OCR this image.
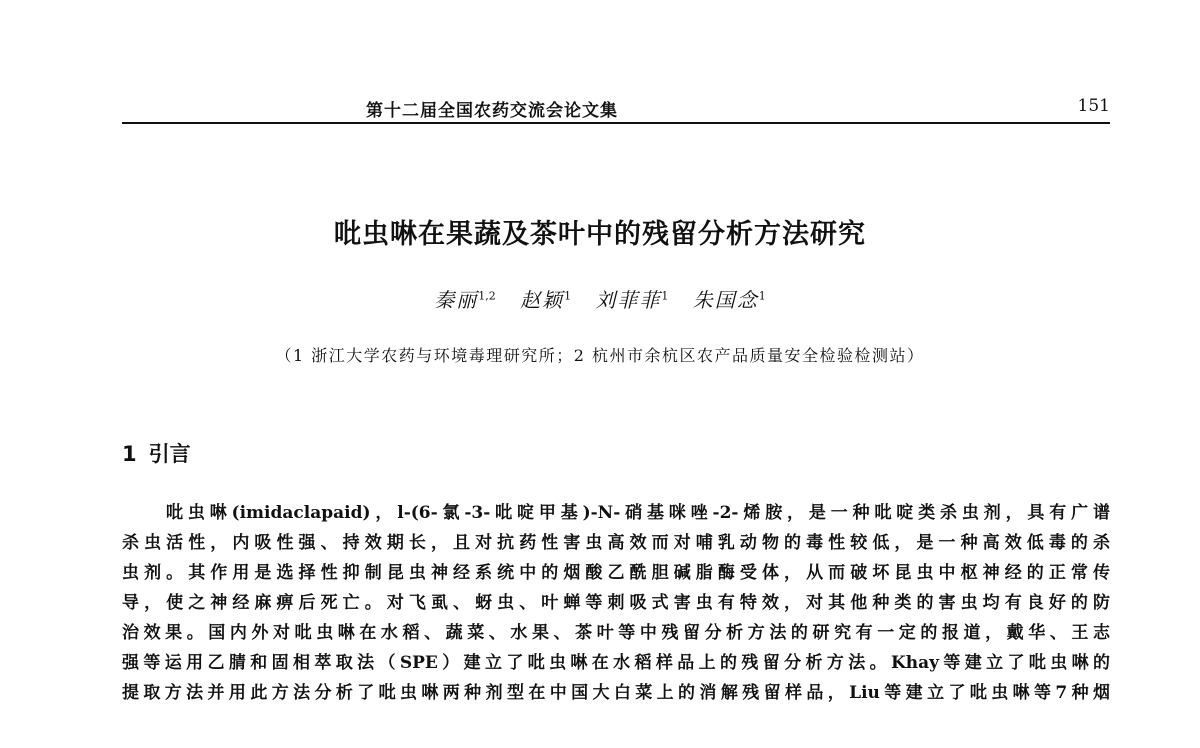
第十二届全国农药交流会论文集	151
吡虫啉在果蔬及茶叶中的残留分析方法研究
秦丽$^{1,2}$ 赵颖$^1$ 刘菲菲$^1$ 朱国念$^1$
（1 浙江大学农药与环境毒理研究所；2 杭州市余杭区农产品质量安全检验检测站）
1 引言
吡虫啉(imidaclapaid)，l-(6-氯-3-吡啶甲基)-N-硝基咪唑-2-烯胺，是一种吡啶类杀虫剂，具有广谱
杀虫活性，内吸性强、持效期长，且对抗药性害虫高效而对哺乳动物的毒性较低，是一种高效低毒的杀
虫剂。其作用是选择性抑制昆虫神经系统中的烟酸乙酰胆碱脂酶受体，从而破坏昆虫中枢神经的正常传
导，使之神经麻痹后死亡。对飞虱、蚜虫、叶蝉等刺吸式害虫有特效，对其他种类的害虫均有良好的防
治效果。国内外对吡虫啉在水稻、蔬菜、水果、茶叶等中残留分析方法的研究有一定的报道，戴华、王志
强等运用乙腈和固相萃取法（SPE）建立了吡虫啉在水稻样品上的残留分析方法。Khay等建立了吡虫啉的
提取方法并用此方法分析了吡虫啉两种剂型在中国大白菜上的消解残留样品，Liu等建立了吡虫啉等7种烟
